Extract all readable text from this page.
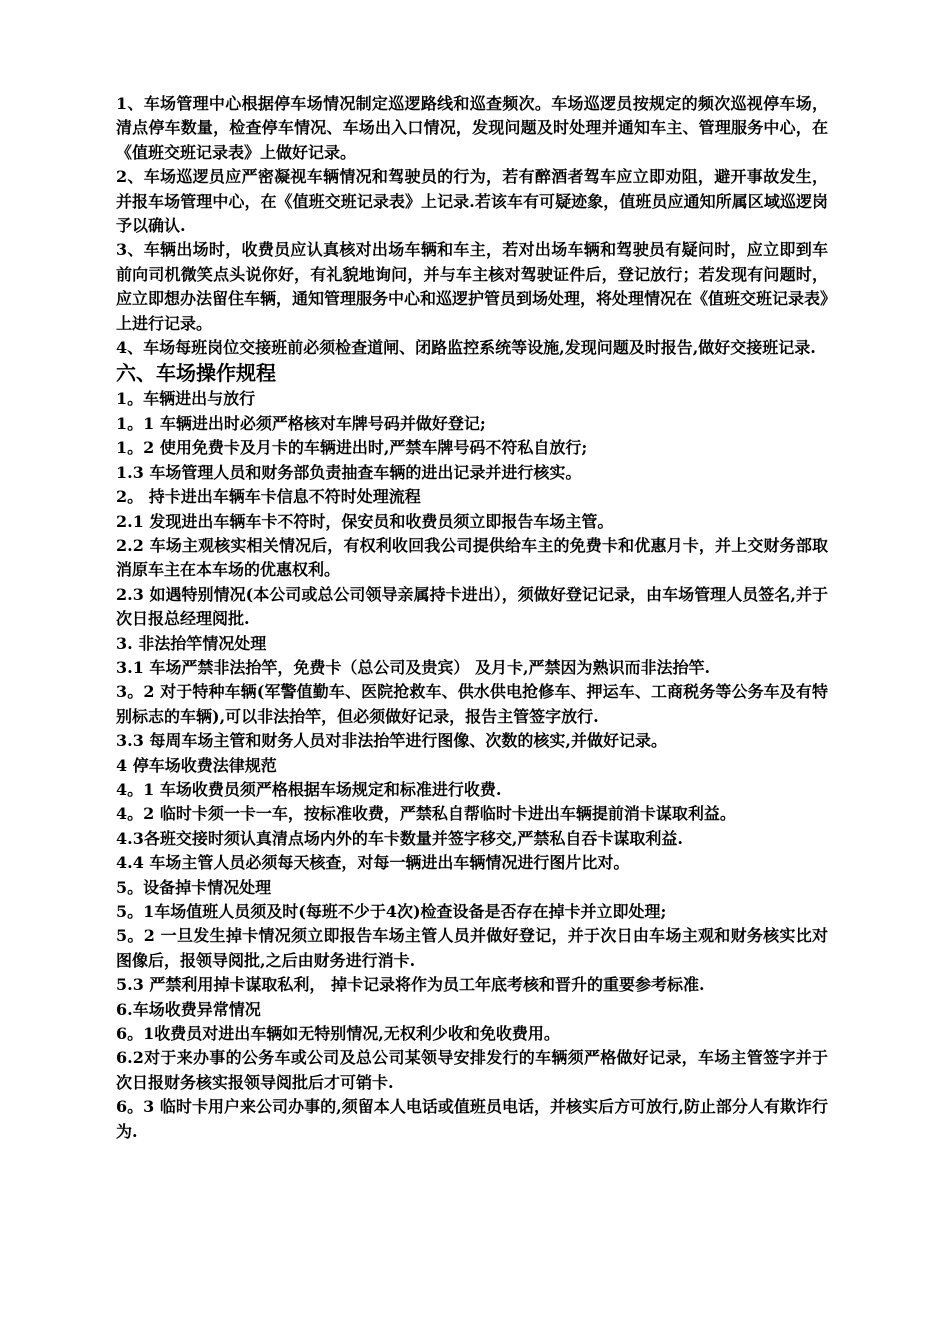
1、车场管理中心根据停车场情况制定巡逻路线和巡查频次。车场巡逻员按规定的频次巡视停车场，清点停车数量，检查停车情况、车场出入口情况，发现问题及时处理并通知车主、管理服务中心，在《值班交班记录表》上做好记录。

2、车场巡逻员应严密凝视车辆情况和驾驶员的行为，若有醉酒者驾车应立即劝阻，避开事故发生，并报车场管理中心，在《值班交班记录表》上记录.若该车有可疑迹象，值班员应通知所属区域巡逻岗予以确认.

3、车辆出场时，收费员应认真核对出场车辆和车主，若对出场车辆和驾驶员有疑问时，应立即到车前向司机微笑点头说你好，有礼貌地询问，并与车主核对驾驶证件后，登记放行；若发现有问题时，应立即想办法留住车辆，通知管理服务中心和巡逻护管员到场处理，将处理情况在《值班交班记录表》上进行记录。

4、车场每班岗位交接班前必须检查道闸、闭路监控系统等设施,发现问题及时报告,做好交接班记录.

六、车场操作规程

1。车辆进出与放行

1。1 车辆进出时必须严格核对车牌号码并做好登记;

1。2 使用免费卡及月卡的车辆进出时,严禁车牌号码不符私自放行;

1.3 车场管理人员和财务部负责抽查车辆的进出记录并进行核实。

2。 持卡进出车辆车卡信息不符时处理流程

2.1 发现进出车辆车卡不符时，保安员和收费员须立即报告车场主管。

2.2 车场主观核实相关情况后，有权利收回我公司提供给车主的免费卡和优惠月卡，并上交财务部取消原车主在本车场的优惠权利。

2.3 如遇特别情况(本公司或总公司领导亲属持卡进出），须做好登记记录，由车场管理人员签名,并于次日报总经理阅批.

3. 非法抬竿情况处理

3.1 车场严禁非法抬竿，免费卡（总公司及贵宾） 及月卡,严禁因为熟识而非法抬竿.

3。2 对于特种车辆(军警值勤车、医院抢救车、供水供电抢修车、押运车、工商税务等公务车及有特别标志的车辆),可以非法抬竿，但必须做好记录，报告主管签字放行.

3.3 每周车场主管和财务人员对非法抬竿进行图像、次数的核实,并做好记录。

4 停车场收费法律规范

4。1 车场收费员须严格根据车场规定和标准进行收费.

4。2 临时卡须一卡一车，按标准收费，严禁私自帮临时卡进出车辆提前消卡谋取利益。

4.3各班交接时须认真清点场内外的车卡数量并签字移交,严禁私自吞卡谋取利益.

4.4 车场主管人员必须每天核查，对每一辆进出车辆情况进行图片比对。

5。设备掉卡情况处理

5。1车场值班人员须及时(每班不少于4次)检查设备是否存在掉卡并立即处理;

5。2 一旦发生掉卡情况须立即报告车场主管人员并做好登记，并于次日由车场主观和财务核实比对图像后，报领导阅批,之后由财务进行消卡.

5.3 严禁利用掉卡谋取私利， 掉卡记录将作为员工年底考核和晋升的重要参考标准.

6.车场收费异常情况

6。1收费员对进出车辆如无特别情况,无权利少收和免收费用。

6.2对于来办事的公务车或公司及总公司某领导安排发行的车辆须严格做好记录，车场主管签字并于次日报财务核实报领导阅批后才可销卡.

6。3 临时卡用户来公司办事的,须留本人电话或值班员电话，并核实后方可放行,防止部分人有欺诈行为.
